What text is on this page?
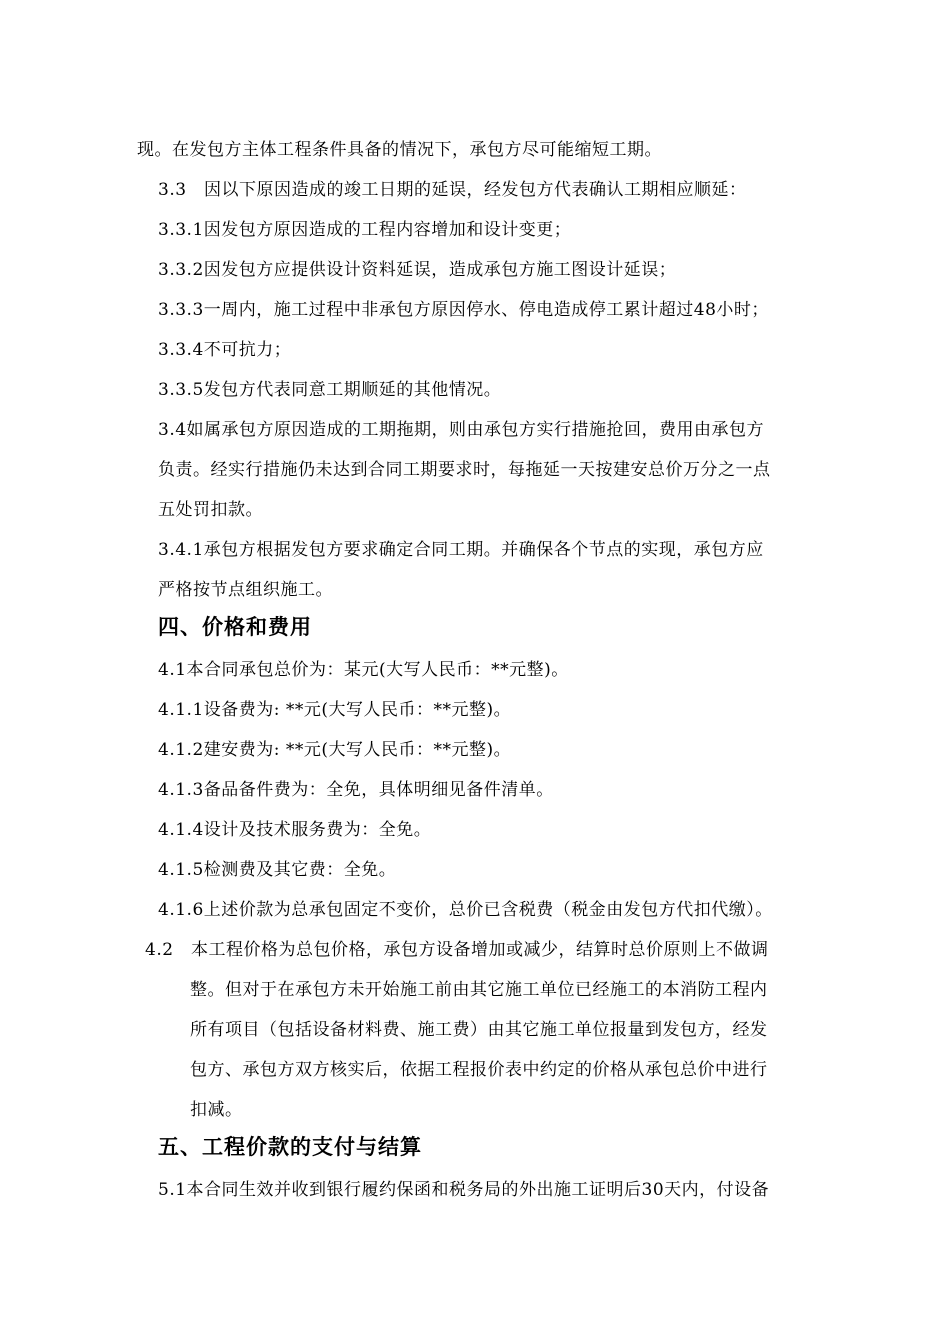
现。在发包方主体工程条件具备的情况下，承包方尽可能缩短工期。
3.3　因以下原因造成的竣工日期的延误，经发包方代表确认工期相应顺延：
3.3.1因发包方原因造成的工程内容增加和设计变更；
3.3.2因发包方应提供设计资料延误，造成承包方施工图设计延误；
3.3.3一周内，施工过程中非承包方原因停水、停电造成停工累计超过48小时；
3.3.4不可抗力；
3.3.5发包方代表同意工期顺延的其他情况。
3.4如属承包方原因造成的工期拖期，则由承包方实行措施抢回，费用由承包方
负责。经实行措施仍未达到合同工期要求时，每拖延一天按建安总价万分之一点
五处罚扣款。
3.4.1承包方根据发包方要求确定合同工期。并确保各个节点的实现，承包方应
严格按节点组织施工。
四、价格和费用
4.1本合同承包总价为：某元(大写人民币：**元整)。
4.1.1设备费为: **元(大写人民币：**元整)。
4.1.2建安费为: **元(大写人民币：**元整)。
4.1.3备品备件费为：全免，具体明细见备件清单。
4.1.4设计及技术服务费为：全免。
4.1.5检测费及其它费：全免。
4.1.6上述价款为总承包固定不变价，总价已含税费（税金由发包方代扣代缴）。
4.2　本工程价格为总包价格，承包方设备增加或减少，结算时总价原则上不做调
整。但对于在承包方未开始施工前由其它施工单位已经施工的本消防工程内
所有项目（包括设备材料费、施工费）由其它施工单位报量到发包方，经发
包方、承包方双方核实后，依据工程报价表中约定的价格从承包总价中进行
扣减。
五、工程价款的支付与结算
5.1本合同生效并收到银行履约保函和税务局的外出施工证明后30天内，付设备
